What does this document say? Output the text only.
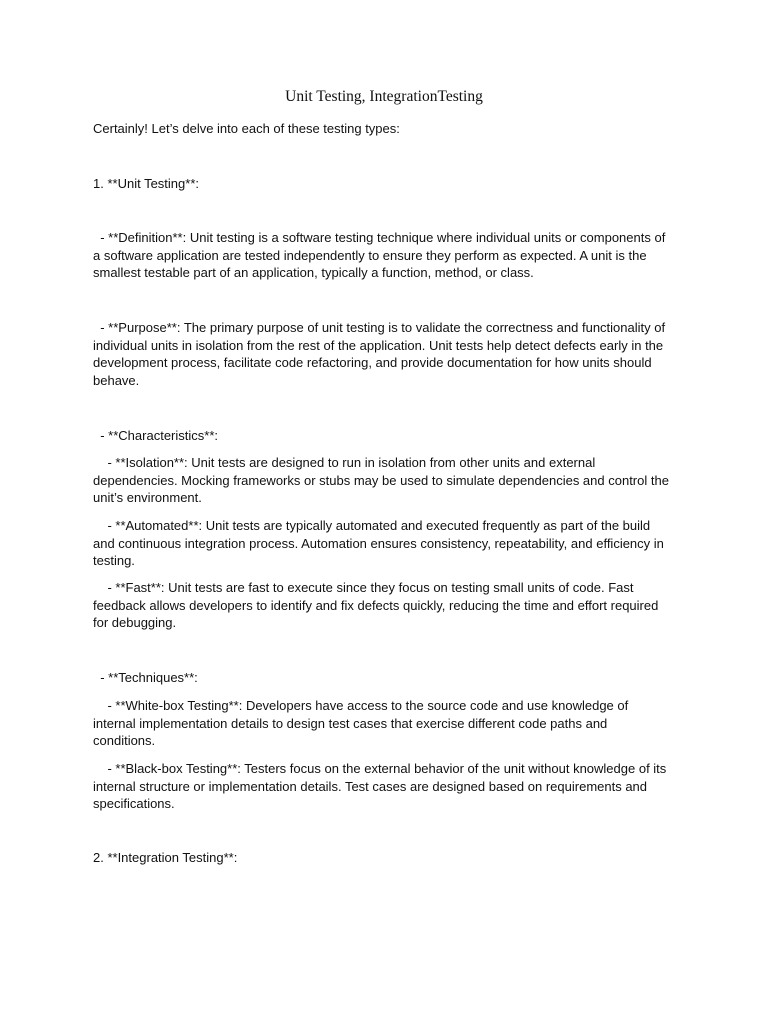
Unit Testing, IntegrationTesting

Certainly! Let’s delve into each of these testing types:

1. **Unit Testing**:

- **Definition**: Unit testing is a software testing technique where individual units or components of a software application are tested independently to ensure they perform as expected. A unit is the smallest testable part of an application, typically a function, method, or class.

- **Purpose**: The primary purpose of unit testing is to validate the correctness and functionality of individual units in isolation from the rest of the application. Unit tests help detect defects early in the development process, facilitate code refactoring, and provide documentation for how units should behave.

- **Characteristics**:

- **Isolation**: Unit tests are designed to run in isolation from other units and external dependencies. Mocking frameworks or stubs may be used to simulate dependencies and control the unit’s environment.

- **Automated**: Unit tests are typically automated and executed frequently as part of the build and continuous integration process. Automation ensures consistency, repeatability, and efficiency in testing.

- **Fast**: Unit tests are fast to execute since they focus on testing small units of code. Fast feedback allows developers to identify and fix defects quickly, reducing the time and effort required for debugging.

- **Techniques**:

- **White-box Testing**: Developers have access to the source code and use knowledge of internal implementation details to design test cases that exercise different code paths and conditions.

- **Black-box Testing**: Testers focus on the external behavior of the unit without knowledge of its internal structure or implementation details. Test cases are designed based on requirements and specifications.

2. **Integration Testing**:
